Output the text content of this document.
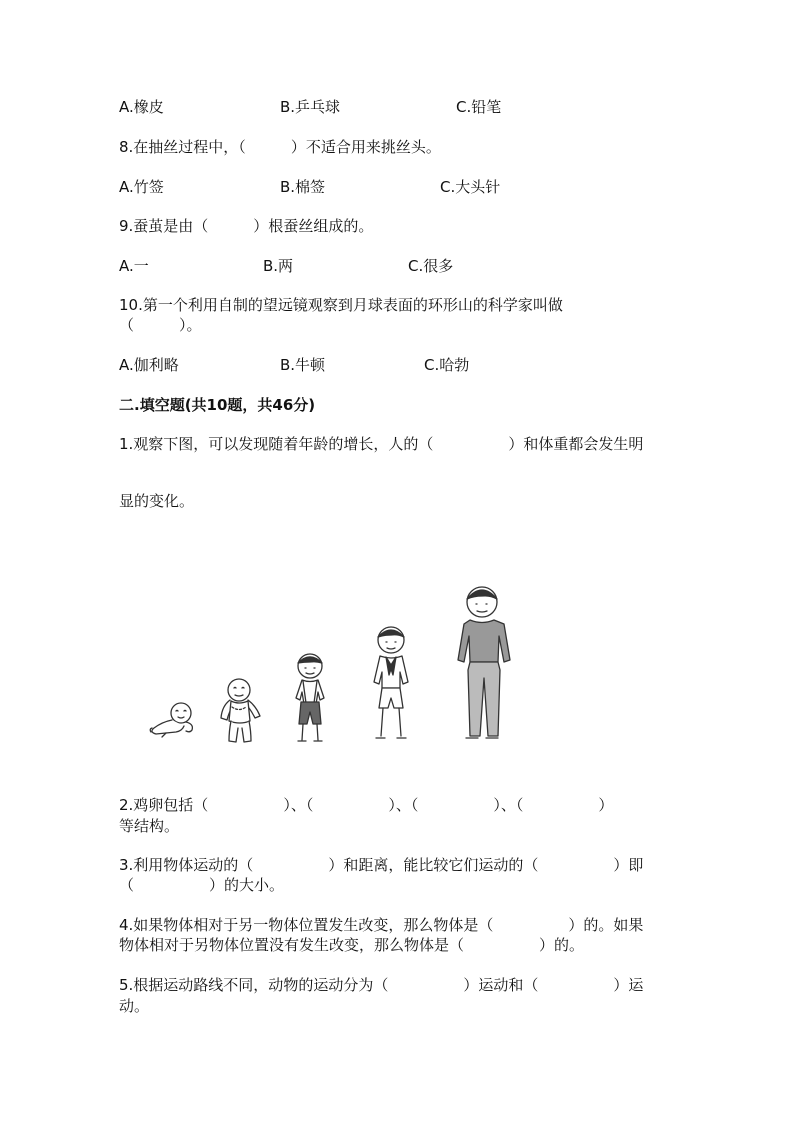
A.橡皮	B.乒乓球	C.铅笔
8.在抽丝过程中，（　　　）不适合用来挑丝头。
A.竹签	B.棉签	C.大头针
9.蚕茧是由（　　　）根蚕丝组成的。
A.一	B.两	C.很多
10.第一个利用自制的望远镜观察到月球表面的环形山的科学家叫做
（　　　）。
A.伽利略	B.牛顿	C.哈勃
二.填空题(共10题，共46分)
1.观察下图，可以发现随着年龄的增长，人的（　　　　　）和体重都会发生明
显的变化。
2.鸡卵包括（　　　　　）、（　　　　　）、（　　　　　）、（　　　　　）
等结构。
3.利用物体运动的（　　　　　）和距离，能比较它们运动的（　　　　　）即
（　　　　　）的大小。
4.如果物体相对于另一物体位置发生改变，那么物体是（　　　　　）的。如果
物体相对于另物体位置没有发生改变，那么物体是（　　　　　）的。
5.根据运动路线不同，动物的运动分为（　　　　　）运动和（　　　　　）运
动。
